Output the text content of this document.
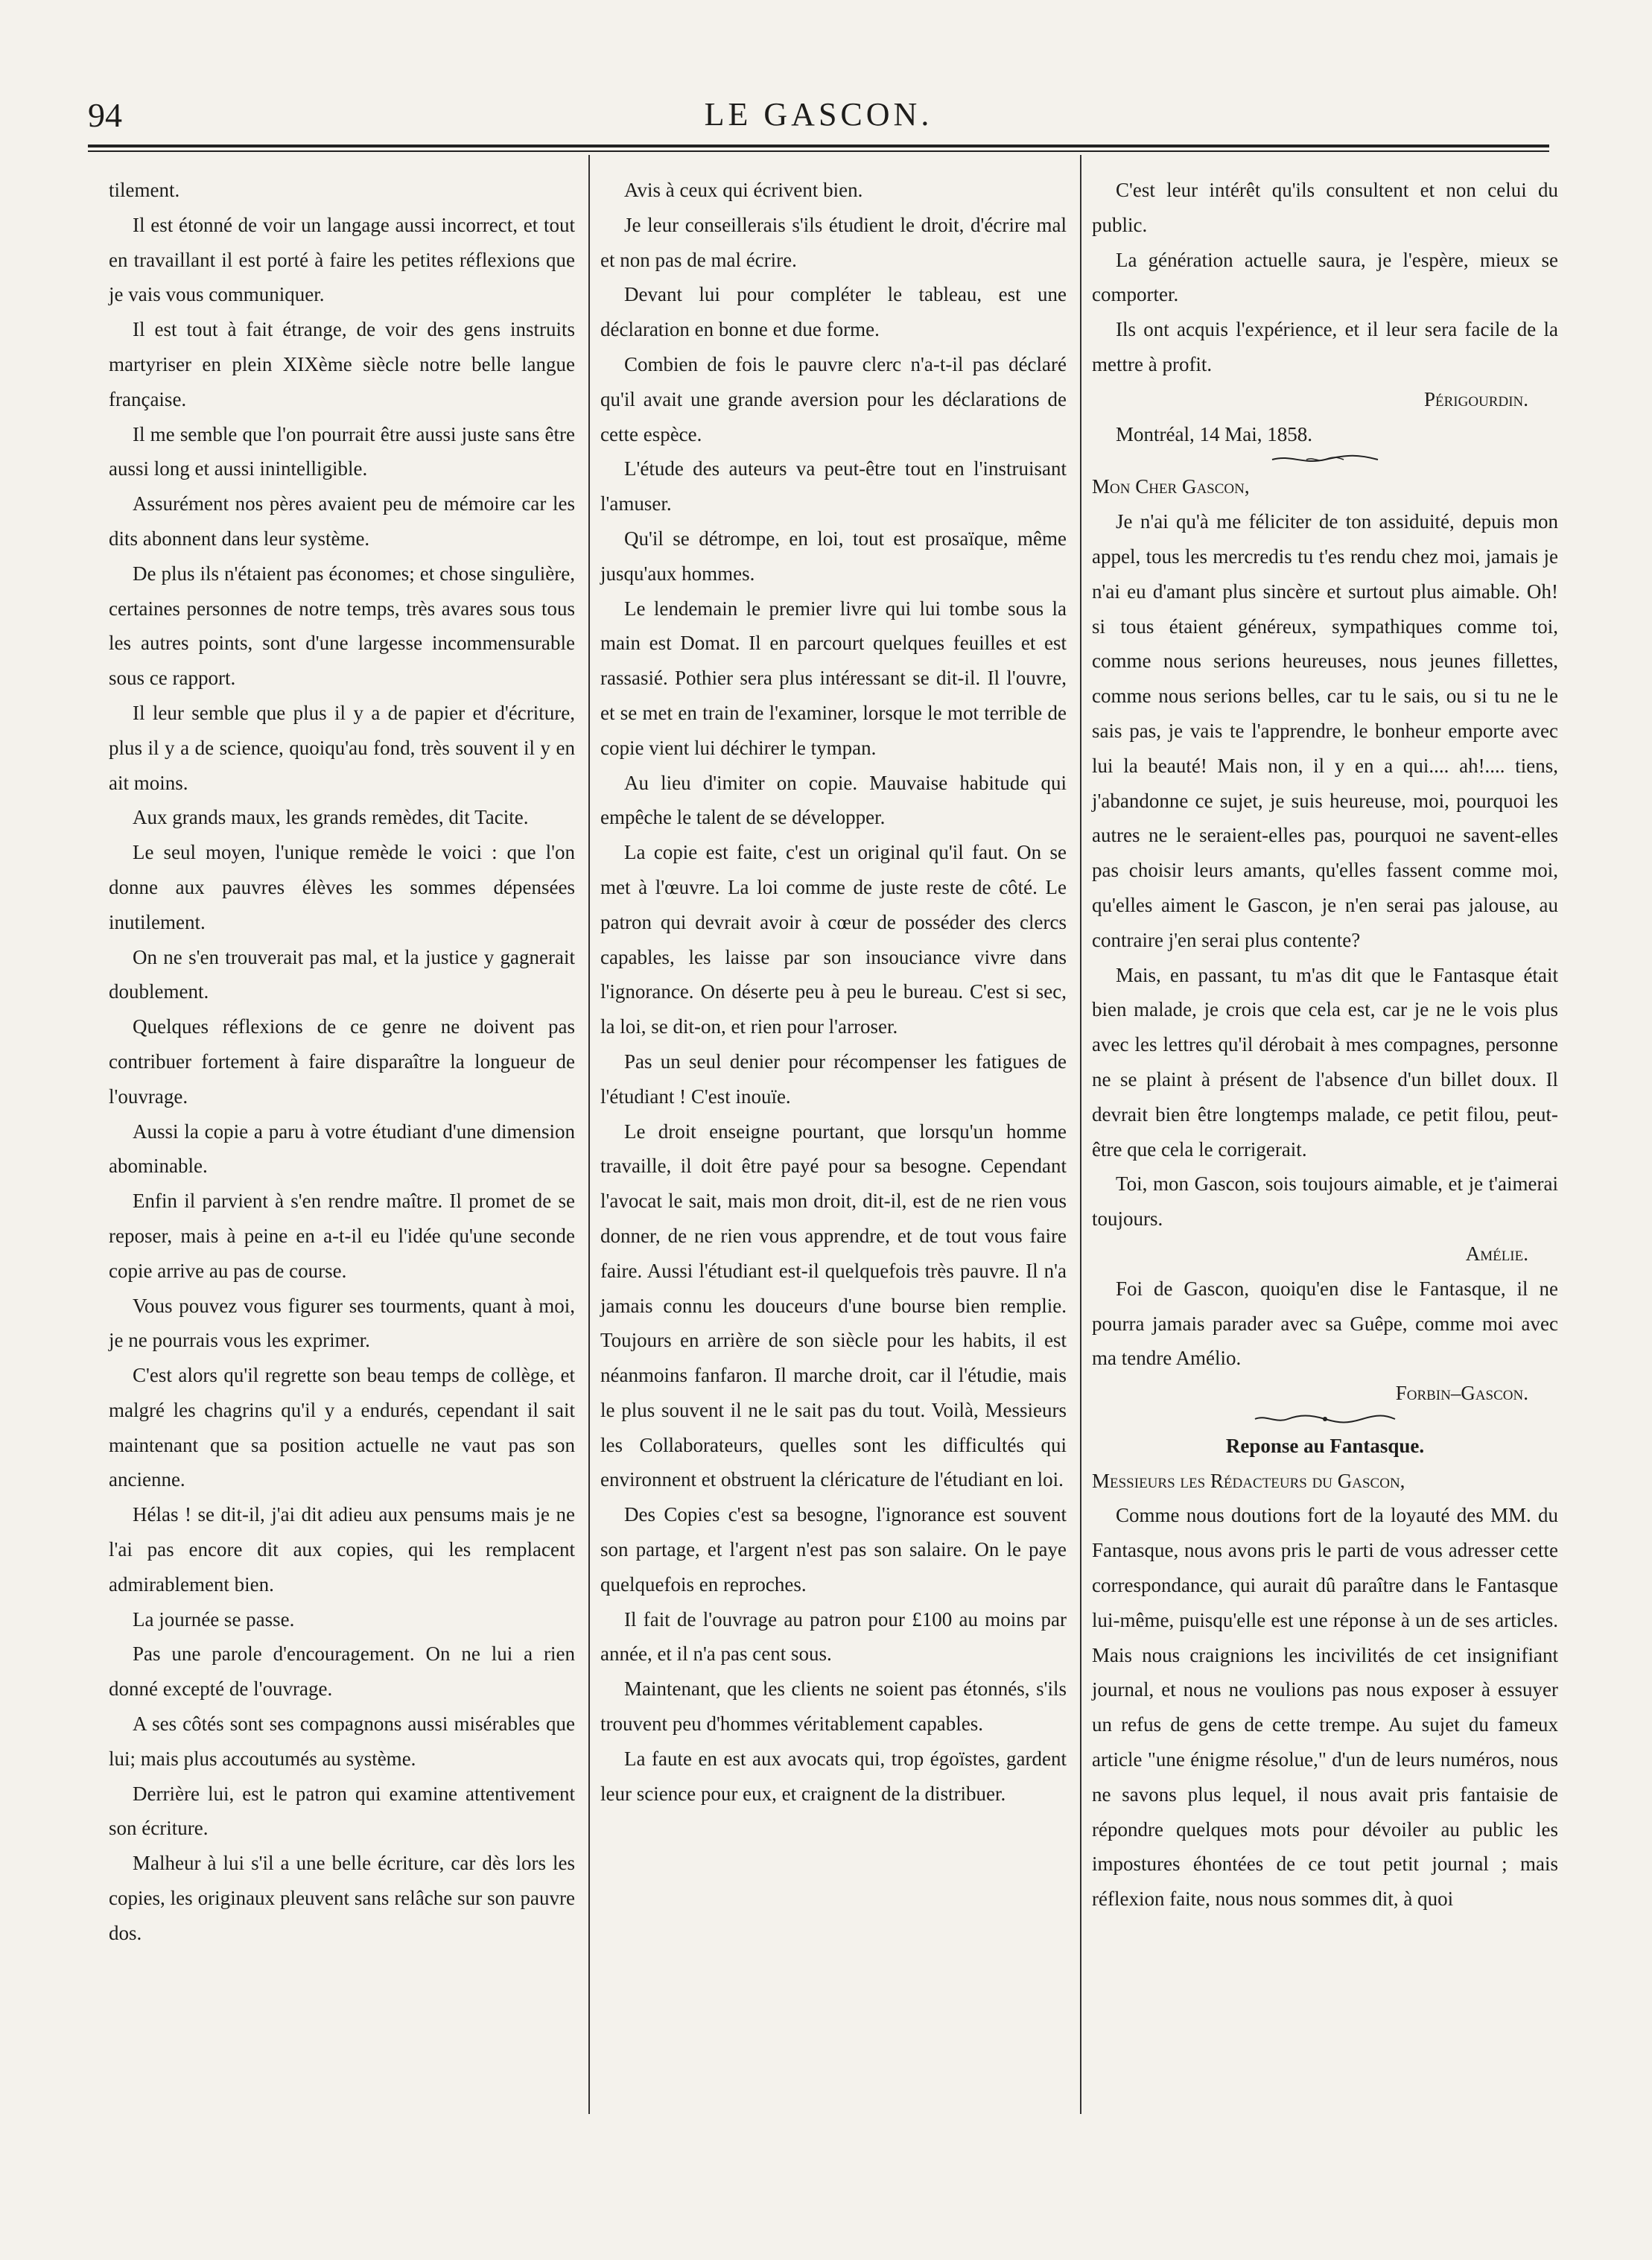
94	LE GASCON.

tilement.

Il est étonné de voir un langage aussi incorrect, et tout en travaillant il est porté à faire les petites réflexions que je vais vous communiquer.

Il est tout à fait étrange, de voir des gens instruits martyriser en plein XIXème siècle notre belle langue française.

Il me semble que l'on pourrait être aussi juste sans être aussi long et aussi inintelligible.

Assurément nos pères avaient peu de mémoire car les dits abonnent dans leur système.

De plus ils n'étaient pas économes; et chose singulière, certaines personnes de notre temps, très avares sous tous les autres points, sont d'une largesse incommensurable sous ce rapport.

Il leur semble que plus il y a de papier et d'écriture, plus il y a de science, quoiqu'au fond, très souvent il y en ait moins.

Aux grands maux, les grands remèdes, dit Tacite.

Le seul moyen, l'unique remède le voici : que l'on donne aux pauvres élèves les sommes dépensées inutilement.

On ne s'en trouverait pas mal, et la justice y gagnerait doublement.

Quelques réflexions de ce genre ne doivent pas contribuer fortement à faire disparaître la longueur de l'ouvrage.

Aussi la copie a paru à votre étudiant d'une dimension abominable.

Enfin il parvient à s'en rendre maître. Il promet de se reposer, mais à peine en a-t-il eu l'idée qu'une seconde copie arrive au pas de course.

Vous pouvez vous figurer ses tourments, quant à moi, je ne pourrais vous les exprimer.

C'est alors qu'il regrette son beau temps de collège, et malgré les chagrins qu'il y a endurés, cependant il sait maintenant que sa position actuelle ne vaut pas son ancienne.

Hélas ! se dit-il, j'ai dit adieu aux pensums mais je ne l'ai pas encore dit aux copies, qui les remplacent admirablement bien.

La journée se passe.

Pas une parole d'encouragement. On ne lui a rien donné excepté de l'ouvrage.

A ses côtés sont ses compagnons aussi misérables que lui; mais plus accoutumés au système.

Derrière lui, est le patron qui examine attentivement son écriture.

Malheur à lui s'il a une belle écriture, car dès lors les copies, les originaux pleuvent sans relâche sur son pauvre dos.

Avis à ceux qui écrivent bien.

Je leur conseillerais s'ils étudient le droit, d'écrire mal et non pas de mal écrire.

Devant lui pour compléter le tableau, est une déclaration en bonne et due forme.

Combien de fois le pauvre clerc n'a-t-il pas déclaré qu'il avait une grande aversion pour les déclarations de cette espèce.

L'étude des auteurs va peut-être tout en l'instruisant l'amuser.

Qu'il se détrompe, en loi, tout est prosaïque, même jusqu'aux hommes.

Le lendemain le premier livre qui lui tombe sous la main est Domat. Il en parcourt quelques feuilles et est rassasié. Pothier sera plus intéressant se dit-il. Il l'ouvre, et se met en train de l'examiner, lorsque le mot terrible de copie vient lui déchirer le tympan.

Au lieu d'imiter on copie. Mauvaise habitude qui empêche le talent de se développer.

La copie est faite, c'est un original qu'il faut. On se met à l'œuvre. La loi comme de juste reste de côté. Le patron qui devrait avoir à cœur de posséder des clercs capables, les laisse par son insouciance vivre dans l'ignorance. On déserte peu à peu le bureau. C'est si sec, la loi, se dit-on, et rien pour l'arroser.

Pas un seul denier pour récompenser les fatigues de l'étudiant ! C'est inouïe.

Le droit enseigne pourtant, que lorsqu'un homme travaille, il doit être payé pour sa besogne. Cependant l'avocat le sait, mais mon droit, dit-il, est de ne rien vous donner, de ne rien vous apprendre, et de tout vous faire faire. Aussi l'étudiant est-il quelquefois très pauvre. Il n'a jamais connu les douceurs d'une bourse bien remplie. Toujours en arrière de son siècle pour les habits, il est néanmoins fanfaron. Il marche droit, car il l'étudie, mais le plus souvent il ne le sait pas du tout. Voilà, Messieurs les Collaborateurs, quelles sont les difficultés qui environnent et obstruent la cléricature de l'étudiant en loi.

Des Copies c'est sa besogne, l'ignorance est souvent son partage, et l'argent n'est pas son salaire. On le paye quelquefois en reproches.

Il fait de l'ouvrage au patron pour £100 au moins par année, et il n'a pas cent sous.

Maintenant, que les clients ne soient pas étonnés, s'ils trouvent peu d'hommes véritablement capables.

La faute en est aux avocats qui, trop égoïstes, gardent leur science pour eux, et craignent de la distribuer.

C'est leur intérêt qu'ils consultent et non celui du public.

La génération actuelle saura, je l'espère, mieux se comporter.

Ils ont acquis l'expérience, et il leur sera facile de la mettre à profit.

Périgourdin.

Montréal, 14 Mai, 1858.

Mon Cher Gascon,

Je n'ai qu'à me féliciter de ton assiduité, depuis mon appel, tous les mercredis tu t'es rendu chez moi, jamais je n'ai eu d'amant plus sincère et surtout plus aimable. Oh! si tous étaient généreux, sympathiques comme toi, comme nous serions heureuses, nous jeunes fillettes, comme nous serions belles, car tu le sais, ou si tu ne le sais pas, je vais te l'apprendre, le bonheur emporte avec lui la beauté! Mais non, il y en a qui.... ah!.... tiens, j'abandonne ce sujet, je suis heureuse, moi, pourquoi les autres ne le seraient-elles pas, pourquoi ne savent-elles pas choisir leurs amants, qu'elles fassent comme moi, qu'elles aiment le Gascon, je n'en serai pas jalouse, au contraire j'en serai plus contente?

Mais, en passant, tu m'as dit que le Fantasque était bien malade, je crois que cela est, car je ne le vois plus avec les lettres qu'il dérobait à mes compagnes, personne ne se plaint à présent de l'absence d'un billet doux. Il devrait bien être longtemps malade, ce petit filou, peut-être que cela le corrigerait.

Toi, mon Gascon, sois toujours aimable, et je t'aimerai toujours.

Amélie.

Foi de Gascon, quoiqu'en dise le Fantasque, il ne pourra jamais parader avec sa Guêpe, comme moi avec ma tendre Amélio.

Forbin–Gascon.

Reponse au Fantasque.

Messieurs les Rédacteurs du Gascon,

Comme nous doutions fort de la loyauté des MM. du Fantasque, nous avons pris le parti de vous adresser cette correspondance, qui aurait dû paraître dans le Fantasque lui-même, puisqu'elle est une réponse à un de ses articles. Mais nous craignions les incivilités de cet insignifiant journal, et nous ne voulions pas nous exposer à essuyer un refus de gens de cette trempe. Au sujet du fameux article "une énigme résolue," d'un de leurs numéros, nous ne savons plus lequel, il nous avait pris fantaisie de répondre quelques mots pour dévoiler au public les impostures éhontées de ce tout petit journal ; mais réflexion faite, nous nous sommes dit, à quoi
